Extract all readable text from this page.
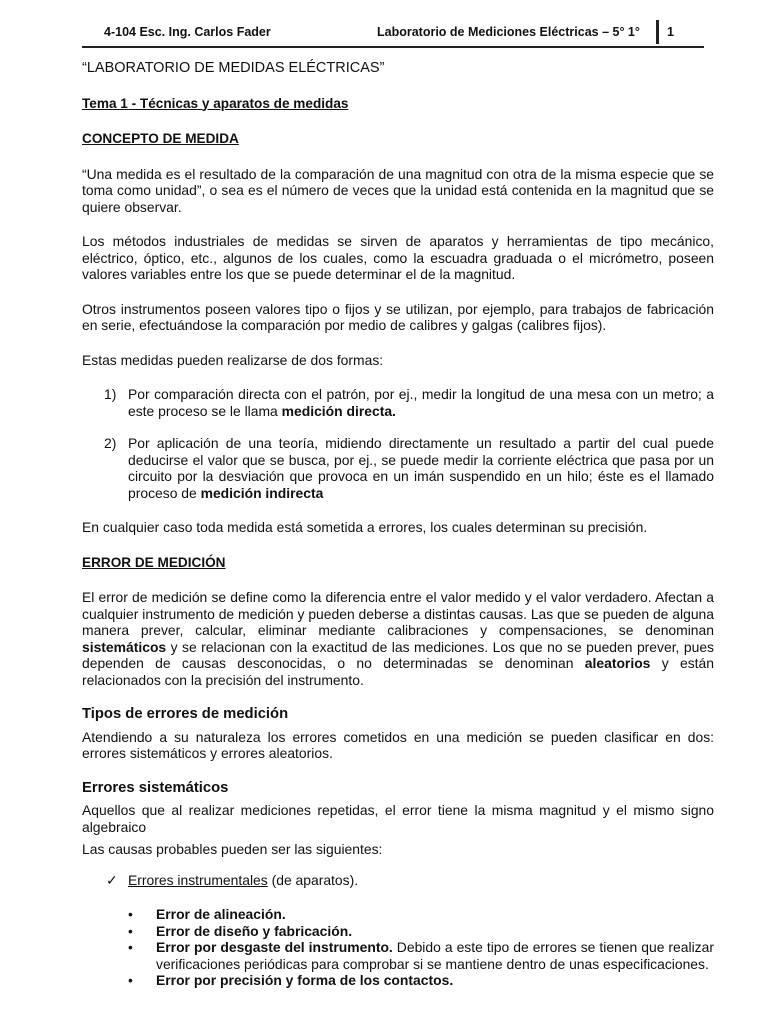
4-104 Esc. Ing. Carlos Fader	Laboratorio de Mediciones Eléctricas – 5° 1° 1

“LABORATORIO DE MEDIDAS ELÉCTRICAS”

Tema 1 - Técnicas y aparatos de medidas

CONCEPTO DE MEDIDA

“Una medida es el resultado de la comparación de una magnitud con otra de la misma especie que se toma como unidad”, o sea es el número de veces que la unidad está contenida en la magnitud que se quiere observar.

Los métodos industriales de medidas se sirven de aparatos y herramientas de tipo mecánico, eléctrico, óptico, etc., algunos de los cuales, como la escuadra graduada o el micrómetro, poseen valores variables entre los que se puede determinar el de la magnitud.

Otros instrumentos poseen valores tipo o fijos y se utilizan, por ejemplo, para trabajos de fabricación en serie, efectuándose la comparación por medio de calibres y galgas (calibres fijos).

Estas medidas pueden realizarse de dos formas:

1) Por comparación directa con el patrón, por ej., medir la longitud de una mesa con un metro; a este proceso se le llama medición directa.
2) Por aplicación de una teoría, midiendo directamente un resultado a partir del cual puede deducirse el valor que se busca, por ej., se puede medir la corriente eléctrica que pasa por un circuito por la desviación que provoca en un imán suspendido en un hilo; éste es el llamado proceso de medición indirecta

En cualquier caso toda medida está sometida a errores, los cuales determinan su precisión.

ERROR DE MEDICIÓN

El error de medición se define como la diferencia entre el valor medido y el valor verdadero. Afectan a cualquier instrumento de medición y pueden deberse a distintas causas. Las que se pueden de alguna manera prever, calcular, eliminar mediante calibraciones y compensaciones, se denominan sistemáticos y se relacionan con la exactitud de las mediciones. Los que no se pueden prever, pues dependen de causas desconocidas, o no determinadas se denominan aleatorios y están relacionados con la precisión del instrumento.

Tipos de errores de medición

Atendiendo a su naturaleza los errores cometidos en una medición se pueden clasificar en dos: errores sistemáticos y errores aleatorios.

Errores sistemáticos

Aquellos que al realizar mediciones repetidas, el error tiene la misma magnitud y el mismo signo algebraico

Las causas probables pueden ser las siguientes:

✓ Errores instrumentales (de aparatos).
• Error de alineación.
• Error de diseño y fabricación.
• Error por desgaste del instrumento. Debido a este tipo de errores se tienen que realizar verificaciones periódicas para comprobar si se mantiene dentro de unas especificaciones.
• Error por precisión y forma de los contactos.
